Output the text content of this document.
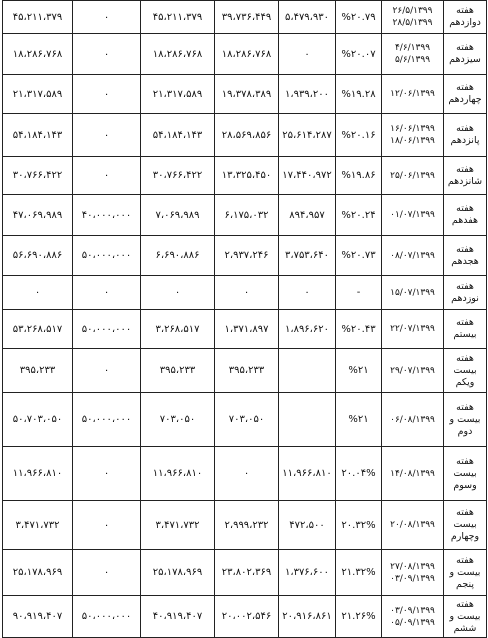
۴۵،۲۱۱،۳۷۹	۰	۴۵،۲۱۱،۳۷۹	۳۹،۷۳۶،۴۴۹	۵،۴۷۹،۹۳۰	%۲۰.۷۹	۲۶/۵/۱۳۹۹
۲۸/۵/۱۳۹۹	هفته
دوازدهم

۱۸،۲۸۶،۷۶۸	۰	۱۸،۲۸۶،۷۶۸	۱۸،۲۸۶،۷۶۸	۰	%۲۰.۰۷	۴/۶/۱۳۹۹
۵/۶/۱۳۹۹	هفته
سیزدهم

۲۱،۳۱۷،۵۸۹	۰	۲۱،۳۱۷،۵۸۹	۱۹،۳۷۸،۳۸۹	۱،۹۳۹،۲۰۰	%۱۹.۲۸	۱۲/۰۶/۱۳۹۹	هفته
چهاردهم

۵۴،۱۸۴،۱۴۳	۰	۵۴،۱۸۴،۱۴۳	۲۸،۵۶۹،۸۵۶	۲۵،۶۱۴،۲۸۷	%۲۰.۱۶	۱۶/۰۶/۱۳۹۹
۱۸/۰۶/۱۳۹۹	هفته
پانزدهم

۳۰،۷۶۶،۴۲۲	۰	۳۰،۷۶۶،۴۲۲	۱۳،۳۲۵،۴۵۰	۱۷،۴۴۰،۹۷۲	%۱۹.۸۶	۲۵/۰۶/۱۳۹۹	هفته
شانزدهم

۴۷،۰۶۹،۹۸۹	۴۰،۰۰۰،۰۰۰	۷،۰۶۹،۹۸۹	۶،۱۷۵،۰۳۲	۸۹۴،۹۵۷	%۲۰.۲۴	۰۱/۰۷/۱۳۹۹	هفته
هفدهم

۵۶،۶۹۰،۸۸۶	۵۰،۰۰۰،۰۰۰	۶،۶۹۰،۸۸۶	۲،۹۳۷،۲۴۶	۳،۷۵۳،۶۴۰	%۲۰.۷۳	۰۸/۰۷/۱۳۹۹	هفته
هجدهم

۰	۰	۰	۰	۰	-	۱۵/۰۷/۱۳۹۹	هفته
نوزدهم

۵۳،۲۶۸،۵۱۷	۵۰،۰۰۰،۰۰۰	۳،۲۶۸،۵۱۷	۱،۳۷۱،۸۹۷	۱،۸۹۶،۶۲۰	%۲۰.۴۳	۲۲/۰۷/۱۳۹۹	هفته
بیستم

۳۹۵،۲۳۳	۰	۳۹۵،۲۳۳	۳۹۵،۲۳۳		%۲۱	۲۹/۰۷/۱۳۹۹	هفته
بیست
ویکم

۵۰،۷۰۳،۰۵۰	۵۰،۰۰۰،۰۰۰	۷۰۳،۰۵۰	۷۰۳،۰۵۰		%۲۱	۰۶/۰۸/۱۳۹۹	هفته
بیست و
دوم

۱۱،۹۶۶،۸۱۰	۰	۱۱،۹۶۶،۸۱۰	۰	۱۱،۹۶۶،۸۱۰	۲۰.۰۴%	۱۴/۰۸/۱۳۹۹	هفته
بیست
وسوم

۳،۴۷۱،۷۳۲	۰	۳،۴۷۱،۷۳۲	۲،۹۹۹،۲۳۲	۴۷۲،۵۰۰	۲۰.۳۲%	۲۰/۰۸/۱۳۹۹	هفته
بیست
وچهارم

۲۵،۱۷۸،۹۶۹	۰	۲۵،۱۷۸،۹۶۹	۲۳،۸۰۲،۳۶۹	۱،۳۷۶،۶۰۰	۲۱.۳۲%	۲۷/۰۸/۱۳۹۹
۰۳/۰۹/۱۳۹۹	هفته
بیست و
پنجم

۹۰،۹۱۹،۴۰۷	۵۰،۰۰۰،۰۰۰	۴۰،۹۱۹،۴۰۷	۲۰،۰۰۲،۵۴۶	۲۰،۹۱۶،۸۶۱	۲۱.۲۶%	۰۳/۰۹/۱۳۹۹
۰۵/۰۹/۱۳۹۹	هفته
بیست و
ششم
